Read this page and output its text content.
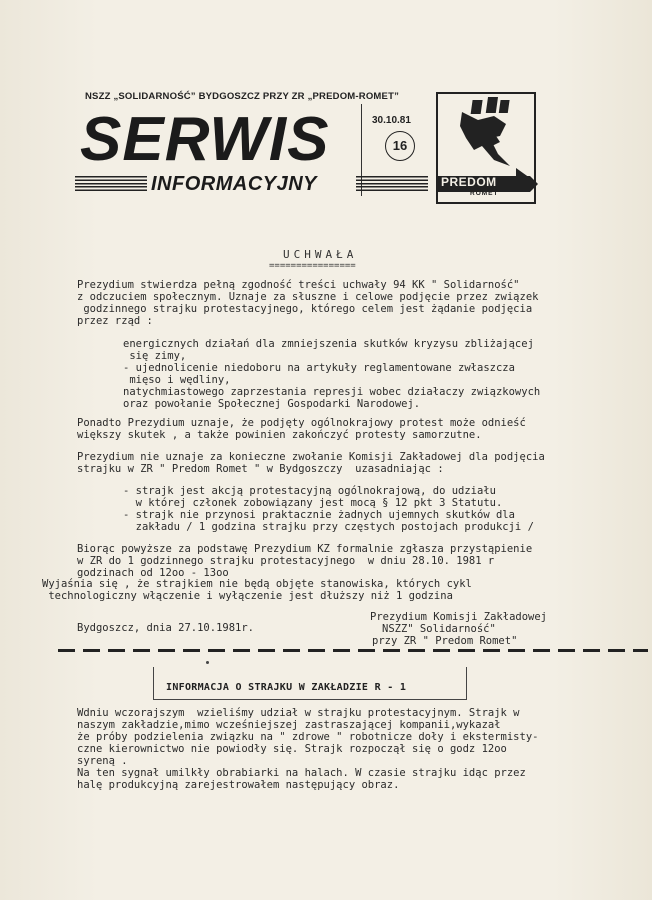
NSZZ „SOLIDARNOŚĆ” BYDGOSZCZ PRZY ZR „PREDOM-ROMET”
SERWIS	30.10.81
16
INFORMACYJNY	PREDOM
ROMET
UCHWAŁA
================
Prezydium stwierdza pełną zgodność treści uchwały 94 KK " Solidarność"
z odczuciem społecznym. Uznaje za słuszne i celowe podjęcie przez związek
godzinnego strajku protestacyjnego, którego celem jest żądanie podjęcia
przez rząd :
energicznych działań dla zmniejszenia skutków kryzysu zbliżającej
się zimy,
- ujednolicenie niedoboru na artykuły reglamentowane zwłaszcza
mięso i wędliny,
natychmiastowego zaprzestania represji wobec działaczy związkowych
oraz powołanie Społecznej Gospodarki Narodowej.
Ponadto Prezydium uznaje, że podjęty ogólnokrajowy protest może odnieść
większy skutek , a także powinien zakończyć protesty samorzutne.
Prezydium nie uznaje za konieczne zwołanie Komisji Zakładowej dla podjęcia
strajku w ZR " Predom Romet " w Bydgoszczy  uzasadniając :
- strajk jest akcją protestacyjną ogólnokrajową, do udziału
w której członek zobowiązany jest mocą § 12 pkt 3 Statutu.
- strajk nie przynosi praktacznie żadnych ujemnych skutków dla
zakładu / 1 godzina strajku przy częstych postojach produkcji /
Biorąc powyższe za podstawę Prezydium KZ formalnie zgłasza przystąpienie
w ZR do 1 godzinnego strajku protestacyjnego  w dniu 28.10. 1981 r
godzinach od 12oo - 13oo
Wyjaśnia się , że strajkiem nie będą objęte stanowiska, których cykl
technologiczny włączenie i wyłączenie jest dłuższy niż 1 godzina
Bydgoszcz, dnia 27.10.1981r.
Prezydium Komisji Zakładowej
NSZZ" Solidarność"
przy ZR " Predom Romet"
INFORMACJA O STRAJKU W ZAKŁADZIE R - 1
Wdniu wczorajszym  wzieliśmy udział w strajku protestacyjnym. Strajk w
naszym zakładzie,mimo wcześniejszej zastraszającej kompanii,wykazał
że próby podzielenia związku na " zdrowe " robotnicze doły i ekstermisty-
czne kierownictwo nie powiodły się. Strajk rozpoczął się o godz 12oo
syreną .
Na ten sygnał umilkły obrabiarki na halach. W czasie strajku idąc przez
halę produkcyjną zarejestrowałem następujący obraz.
